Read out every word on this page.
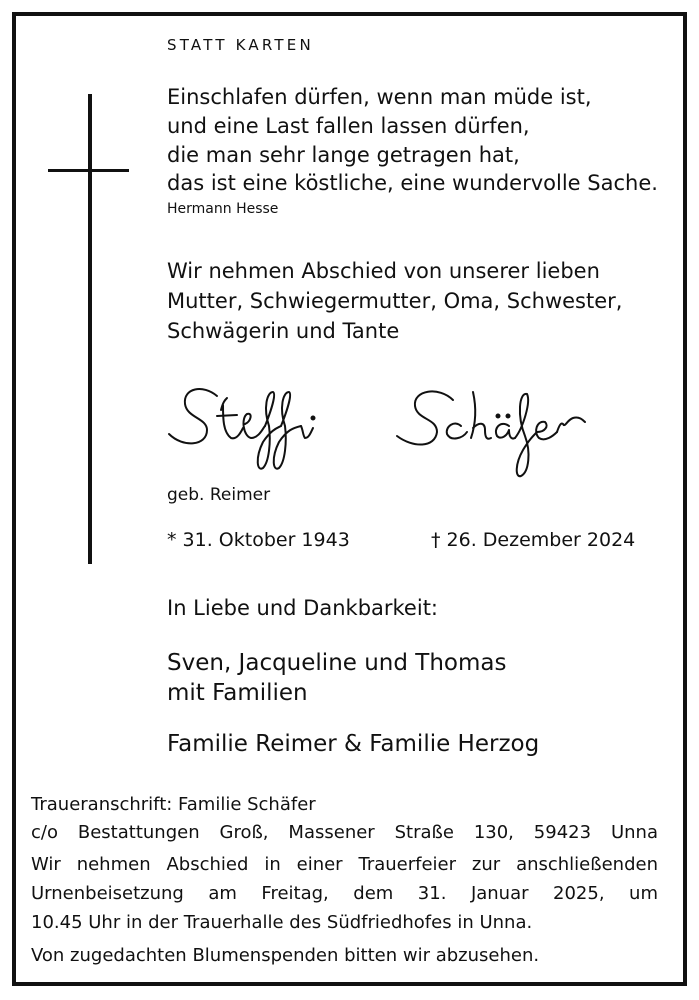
STATT KARTEN

Einschlafen dürfen, wenn man müde ist,

und eine Last fallen lassen dürfen,

die man sehr lange getragen hat,

das ist eine köstliche, eine wundervolle Sache.

Hermann Hesse

Wir nehmen Abschied von unserer lieben

Mutter, Schwiegermutter, Oma, Schwester,

Schwägerin und Tante

geb. Reimer

* 31. Oktober 1943	† 26. Dezember 2024

In Liebe und Dankbarkeit:

Sven, Jacqueline und Thomas

mit Familien

Familie Reimer & Familie Herzog

Traueranschrift: Familie Schäfer

c/o Bestattungen Groß, Massener Straße 130, 59423 Unna

Wir nehmen Abschied in einer Trauerfeier zur anschließenden

Urnenbeisetzung am Freitag, dem 31. Januar 2025, um

10.45 Uhr in der Trauerhalle des Südfriedhofes in Unna.

Von zugedachten Blumenspenden bitten wir abzusehen.
